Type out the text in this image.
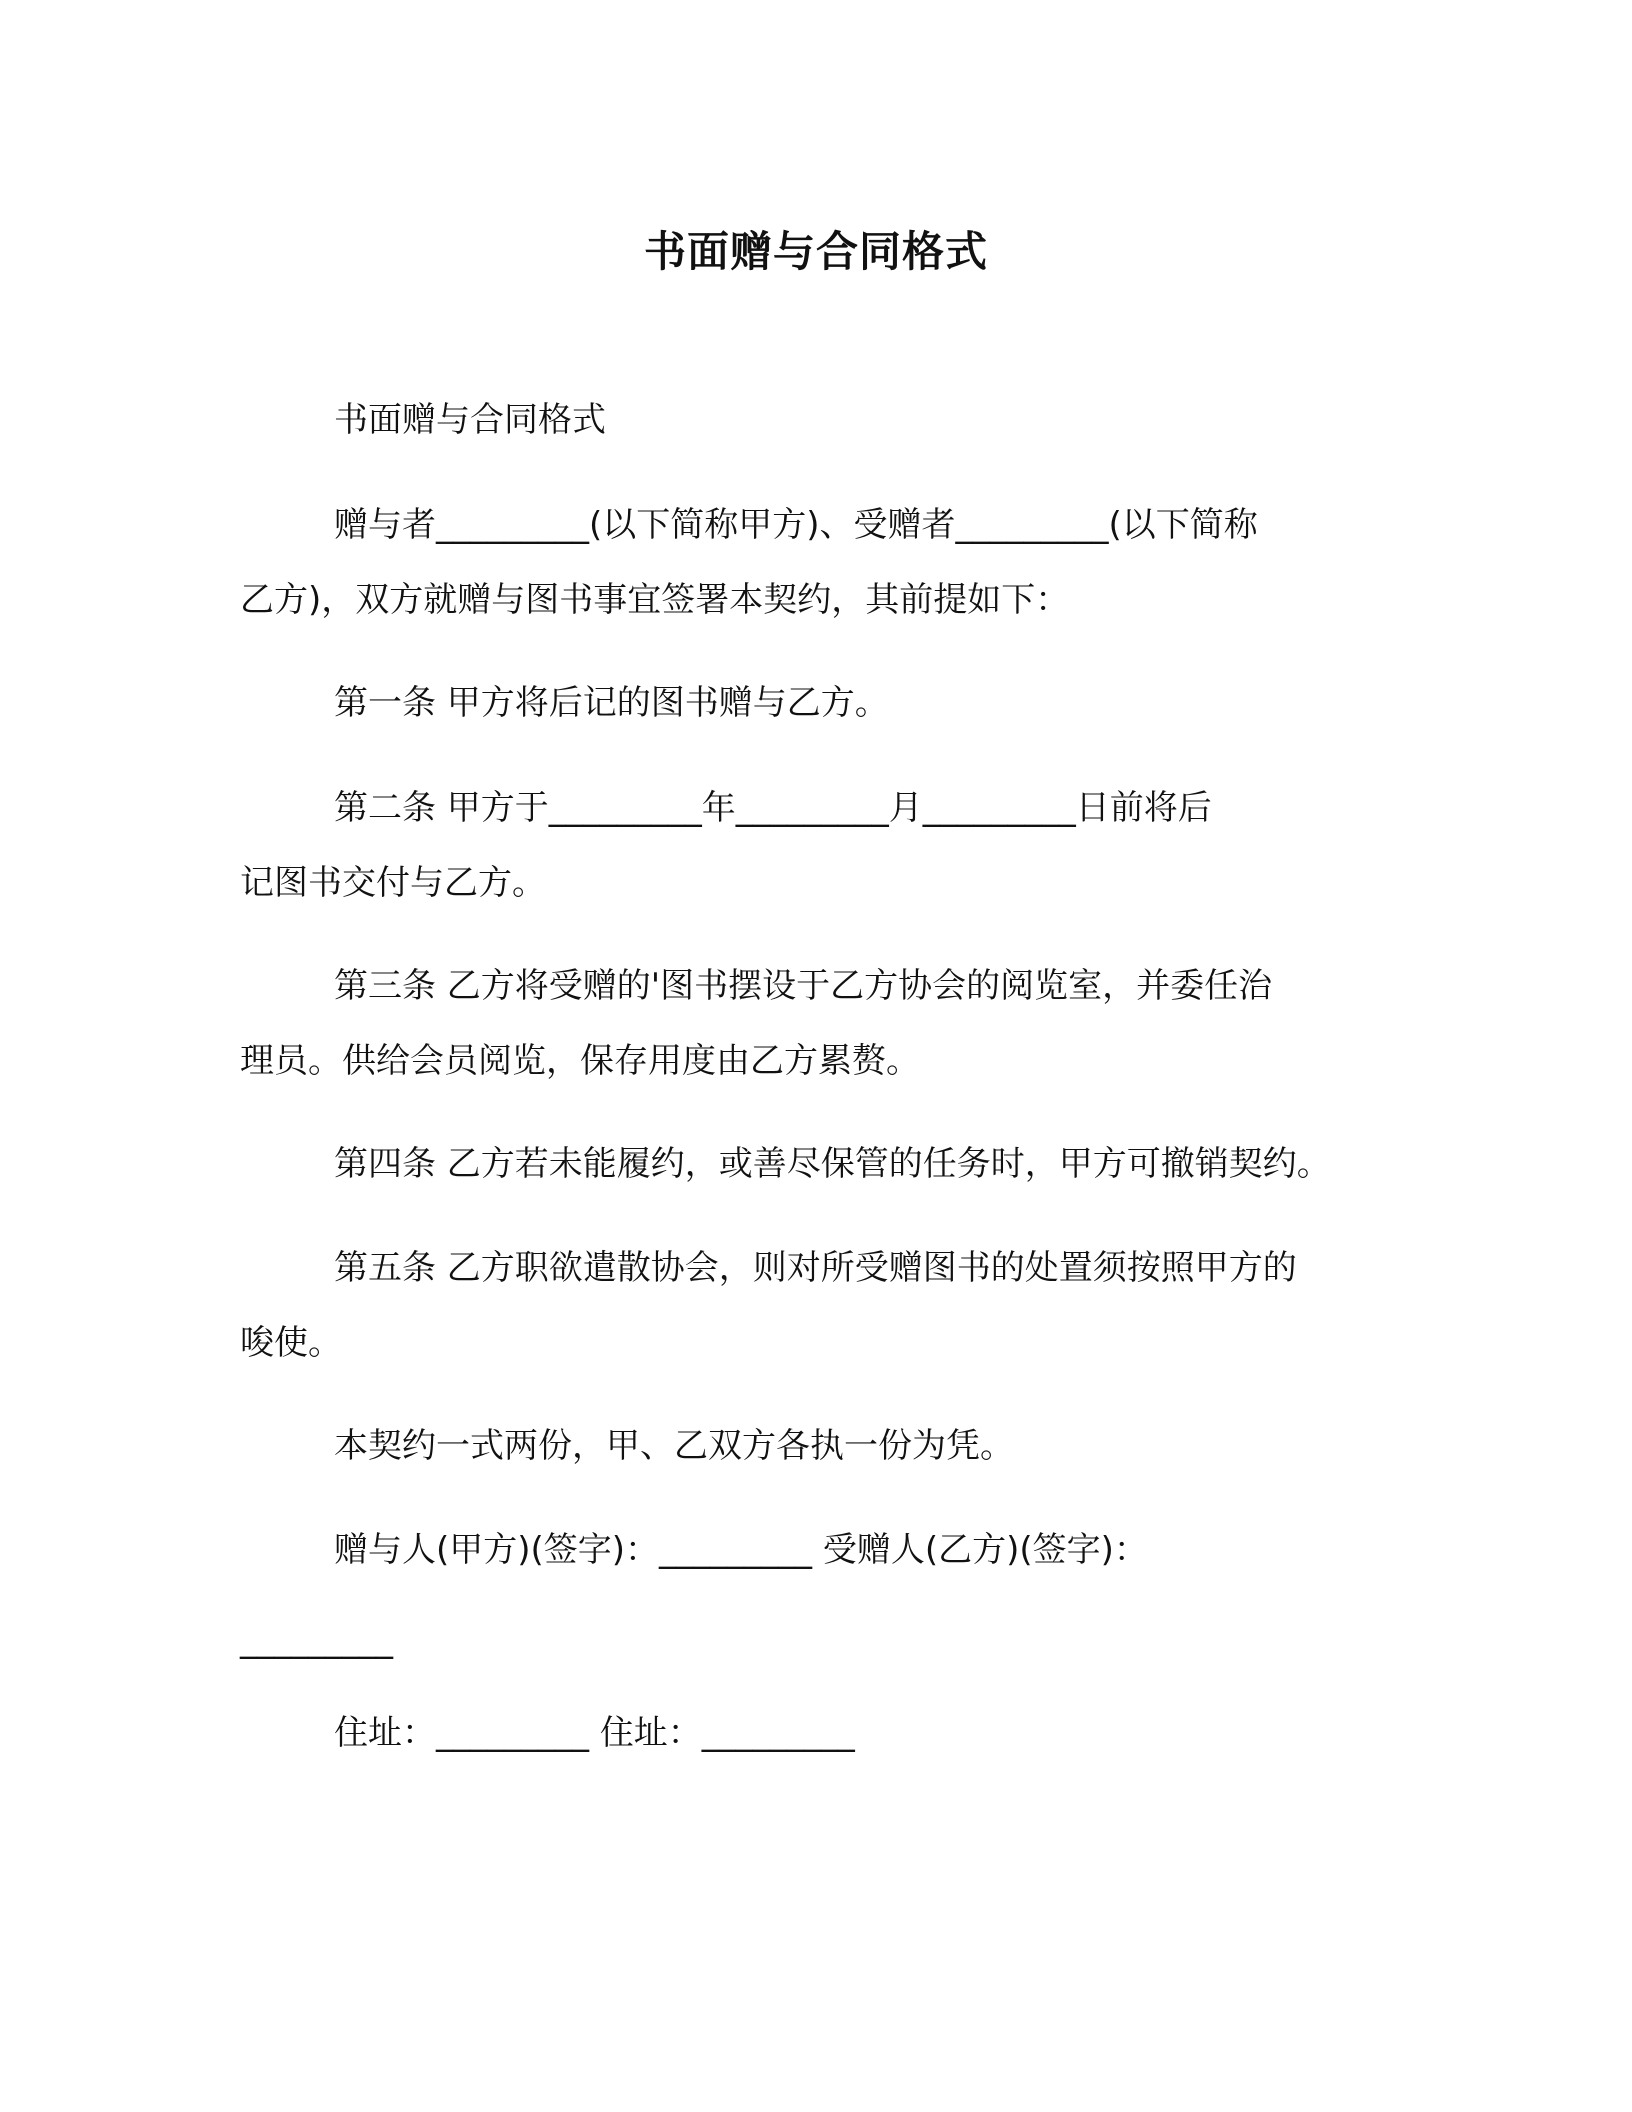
书面赠与合同格式
书面赠与合同格式
赠与者_________(以下简称甲方)、受赠者_________(以下简称
乙方)，双方就赠与图书事宜签署本契约，其前提如下：
第一条 甲方将后记的图书赠与乙方。
第二条 甲方于_________年_________月_________日前将后
记图书交付与乙方。
第三条 乙方将受赠的'图书摆设于乙方协会的阅览室，并委任治
理员。供给会员阅览，保存用度由乙方累赘。
第四条 乙方若未能履约，或善尽保管的任务时，甲方可撤销契约。
第五条 乙方职欲遣散协会，则对所受赠图书的处置须按照甲方的
唆使。
本契约一式两份，甲、乙双方各执一份为凭。
赠与人(甲方)(签字)：_________ 受赠人(乙方)(签字)：
_________
住址：_________ 住址：_________
